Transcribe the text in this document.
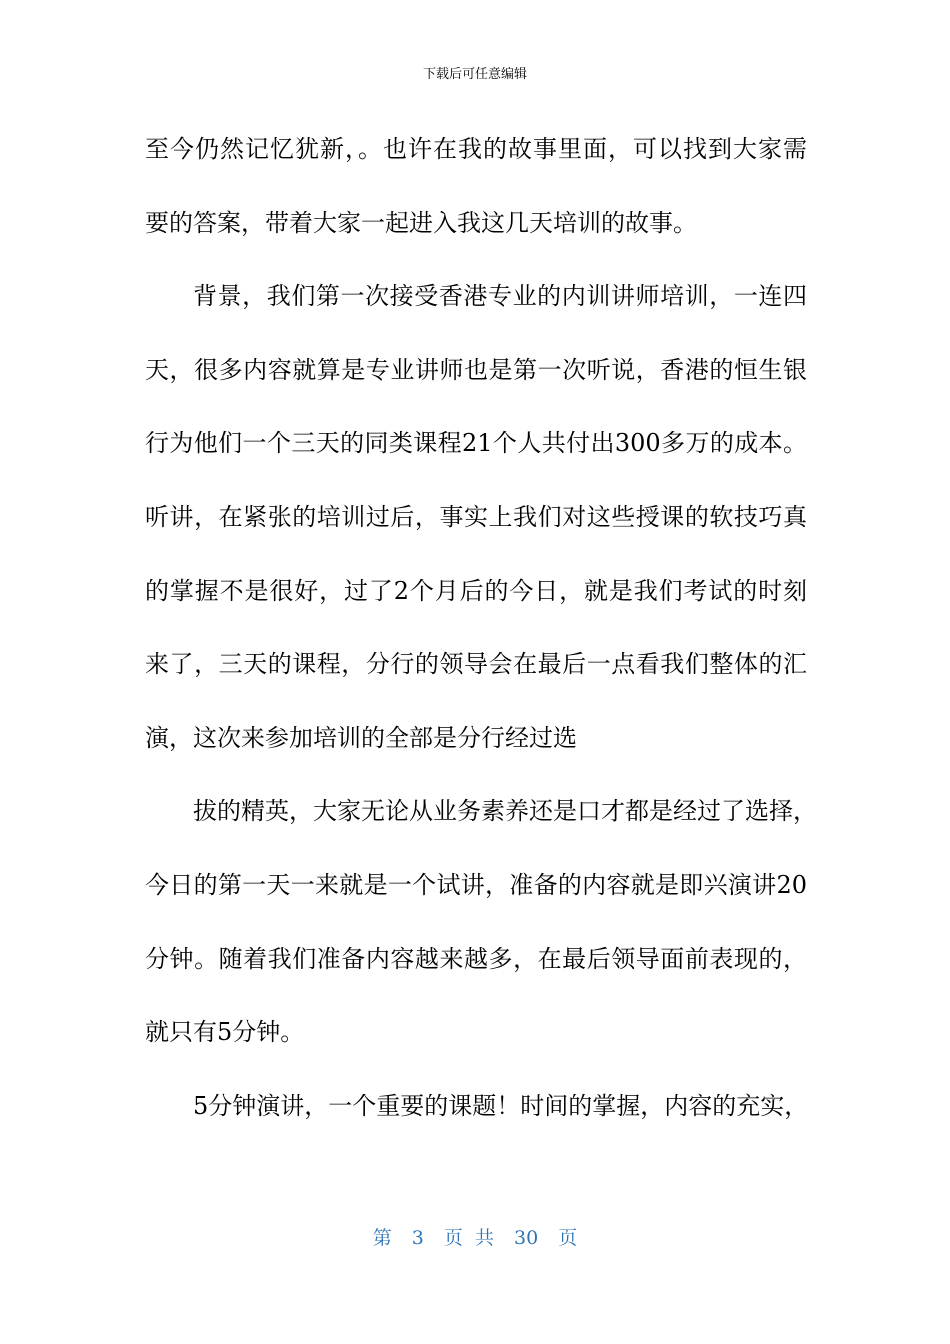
下载后可任意编辑
至今仍然记忆犹新，。也许在我的故事里面，可以找到大家需
要的答案，带着大家一起进入我这几天培训的故事。
背景，我们第一次接受香港专业的内训讲师培训，一连四
天，很多内容就算是专业讲师也是第一次听说，香港的恒生银
行为他们一个三天的同类课程21个人共付出300多万的成本。
听讲，在紧张的培训过后，事实上我们对这些授课的软技巧真
的掌握不是很好，过了2个月后的今日，就是我们考试的时刻
来了，三天的课程，分行的领导会在最后一点看我们整体的汇
演，这次来参加培训的全部是分行经过选
拔的精英，大家无论从业务素养还是口才都是经过了选择，
今日的第一天一来就是一个试讲，准备的内容就是即兴演讲20
分钟。随着我们准备内容越来越多，在最后领导面前表现的，
就只有5分钟。
5分钟演讲，一个重要的课题！时间的掌握，内容的充实，
第 3 页 共 30 页
